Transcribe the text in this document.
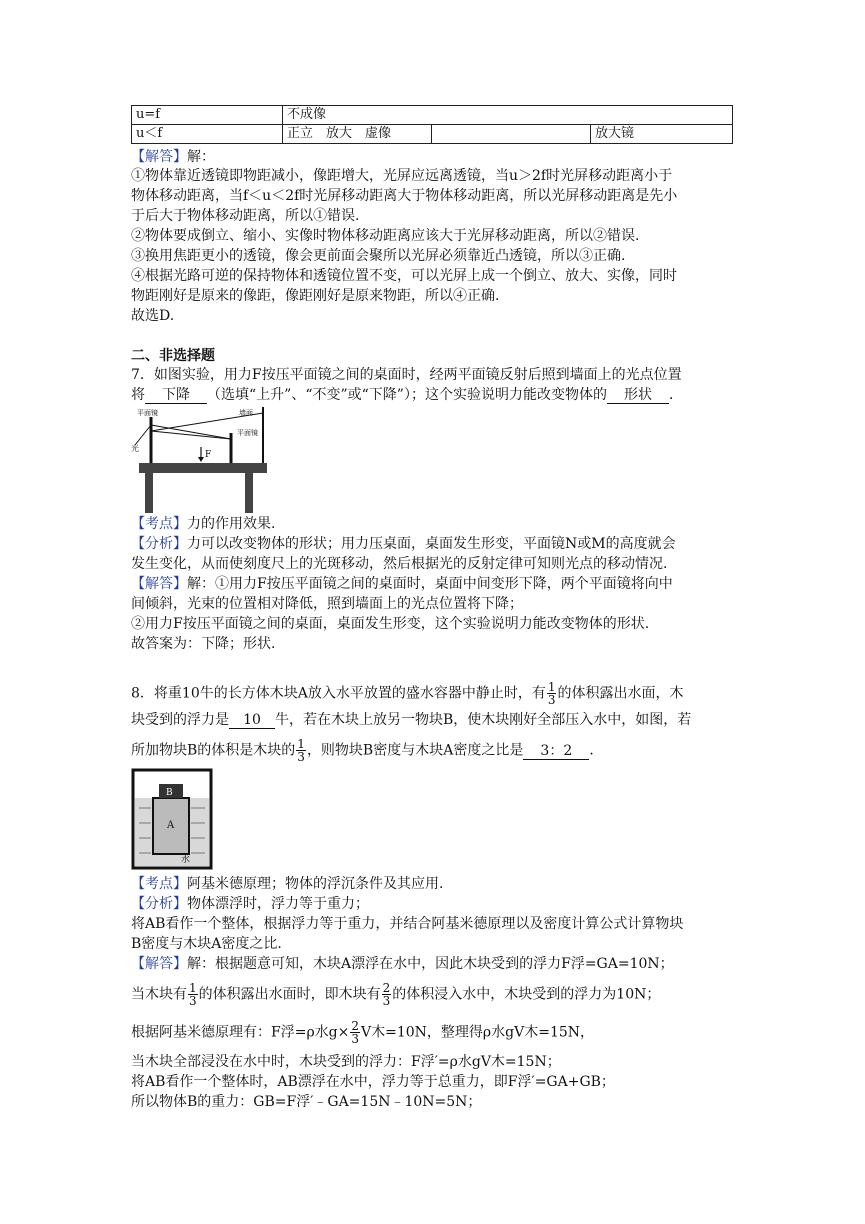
u=f	不成像		
u＜f	正立　放大　虚像		放大镜
【解答】解：
①物体靠近透镜即物距减小，像距增大，光屏应远离透镜，当u＞2f时光屏移动距离小于
物体移动距离，当f＜u＜2f时光屏移动距离大于物体移动距离，所以光屏移动距离是先小
于后大于物体移动距离，所以①错误.
②物体要成倒立、缩小、实像时物体移动距离应该大于光屏移动距离，所以②错误.
③换用焦距更小的透镜，像会更前面会聚所以光屏必须靠近凸透镜，所以③正确.
④根据光路可逆的保持物体和透镜位置不变，可以光屏上成一个倒立、放大、实像，同时
物距刚好是原来的像距，像距刚好是原来物距，所以④正确.
故选D.
二、非选择题
7．如图实验，用力F按压平面镜之间的桌面时，经两平面镜反射后照到墙面上的光点位置
将 下降 （选填“上升”、“不变”或“下降”）；这个实验说明力能改变物体的 形状 ．
F
光
平面镜
平面镜
墙面
【考点】力的作用效果.
【分析】力可以改变物体的形状；用力压桌面，桌面发生形变，平面镜N或M的高度就会
发生变化，从而使刻度尺上的光斑移动，然后根据光的反射定律可知则光点的移动情况.
【解答】解：①用力F按压平面镜之间的桌面时，桌面中间变形下降，两个平面镜将向中
间倾斜，光束的位置相对降低，照到墙面上的光点位置将下降；
②用力F按压平面镜之间的桌面，桌面发生形变，这个实验说明力能改变物体的形状.
故答案为：下降；形状.
8．将重10牛的长方体木块A放入水平放置的盛水容器中静止时，有 $\frac{1}{3}$ 的体积露出水面，木
块受到的浮力是 10 牛，若在木块上放另一物块B，使木块刚好全部压入水中，如图，若
所加物块B的体积是木块的 $\frac{1}{3}$ ，则物块B密度与木块A密度之比是 3：2 ．
B
A
水
【考点】阿基米德原理；物体的浮沉条件及其应用.
【分析】物体漂浮时，浮力等于重力；
将AB看作一个整体，根据浮力等于重力，并结合阿基米德原理以及密度计算公式计算物块
B密度与木块A密度之比.
【解答】解：根据题意可知，木块A漂浮在水中，因此木块受到的浮力F浮=GA=10N；
当木块有 $\frac{1}{3}$ 的体积露出水面时，即木块有 $\frac{2}{3}$ 的体积浸入水中，木块受到的浮力为10N；
根据阿基米德原理有：F浮=ρ水$g\times \frac{2}{3}$ V木=10N，整理得ρ水gV木=15N，
当木块全部浸没在水中时，木块受到的浮力：F浮′=ρ水gV木=15N；
将AB看作一个整体时，AB漂浮在水中，浮力等于总重力，即F浮′=GA+GB；
所以物体B的重力：GB=F浮′﹣GA=15N﹣10N=5N；
